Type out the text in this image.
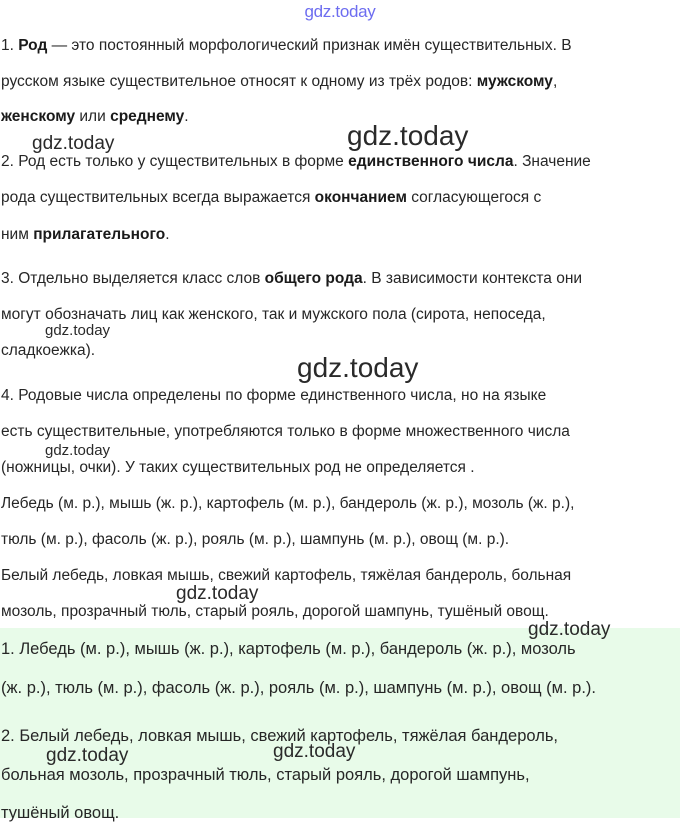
gdz.today
1. Род — это постоянный морфологический признак имён существительных. В
русском языке существительное относят к одному из трёх родов: мужскому,
женскому или среднему.
2. Род есть только у существительных в форме единственного числа. Значение
рода существительных всегда выражается окончанием согласующегося с
ним прилагательного.
3. Отдельно выделяется класс слов общего рода. В зависимости контекста они
могут обозначать лиц как женского, так и мужского пола (сирота, непоседа,
сладкоежка).
4. Родовые числа определены по форме единственного числа, но на языке
есть существительные, употребляются только в форме множественного числа
(ножницы, очки). У таких существительных род не определяется .
Лебедь (м. р.), мышь (ж. р.), картофель (м. р.), бандероль (ж. р.), мозоль (ж. р.),
тюль (м. р.), фасоль (ж. р.), рояль (м. р.), шампунь (м. р.), овощ (м. р.).
Белый лебедь, ловкая мышь, свежий картофель, тяжёлая бандероль, больная
мозоль, прозрачный тюль, старый рояль, дорогой шампунь, тушёный овощ.
1. Лебедь (м. р.), мышь (ж. р.), картофель (м. р.), бандероль (ж. р.), мозоль
(ж. р.), тюль (м. р.), фасоль (ж. р.), рояль (м. р.), шампунь (м. р.), овощ (м. р.).
2. Белый лебедь, ловкая мышь, свежий картофель, тяжёлая бандероль,
больная мозоль, прозрачный тюль, старый рояль, дорогой шампунь,
тушёный овощ.
gdz.today	gdz.today
gdz.today
gdz.today
gdz.today
gdz.today
gdz.today
gdz.today	gdz.today
